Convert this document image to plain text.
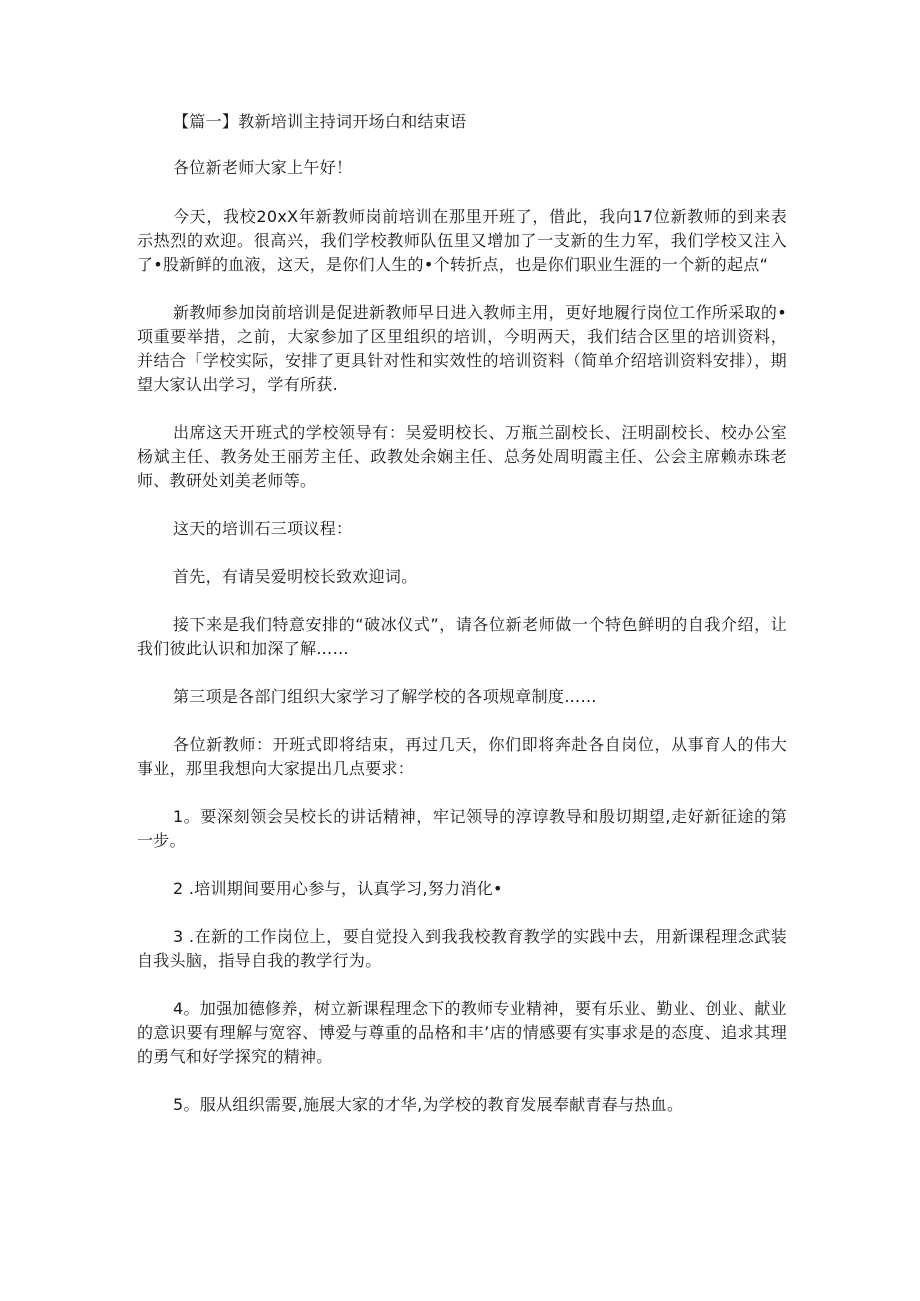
【篇一】教新培训主持词开场白和结束语

各位新老师大家上午好！

今天，我校20xX年新教师岗前培训在那里开班了，借此，我向17位新教师的到来表示热烈的欢迎。很高兴，我们学校教师队伍里又增加了一支新的生力军，我们学校又注入了•股新鲜的血液，这天，是你们人生的•个转折点，也是你们职业生涯的一个新的起点“

新教师参加岗前培训是促进新教师早日进入教师主用，更好地履行岗位工作所采取的•项重要举措，之前，大家参加了区里组织的培训，今明两天，我们结合区里的培训资料，并结合「学校实际，安排了更具针对性和实效性的培训资料（简单介绍培训资料安排），期望大家认出学习，学有所获.

出席这天开班式的学校领导有：吴爱明校长、万瓶兰副校长、汪明副校长、校办公室杨斌主任、教务处王丽芳主任、政教处余娴主任、总务处周明霞主任、公会主席赖赤珠老师、教研处刘美老师等。

这天的培训石三项议程：

首先，有请吴爱明校长致欢迎词。

接下来是我们特意安排的“破冰仪式”，请各位新老师做一个特色鲜明的自我介绍，让我们彼此认识和加深了解……

第三项是各部门组织大家学习了解学校的各项规章制度……

各位新教师：开班式即将结束，再过几天，你们即将奔赴各自岗位，从事育人的伟大事业，那里我想向大家提出几点要求：

1。要深刻领会吴校长的讲话精神，牢记领导的淳谆教导和殷切期望,走好新征途的第一步。

2 .培训期间要用心参与，认真学习,努力消化•

3 .在新的工作岗位上，要自觉投入到我我校教育教学的实践中去，用新课程理念武装自我头脑，指导自我的教学行为。

4。加强加德修养，树立新课程理念下的教师专业精神，要有乐业、勤业、创业、献业的意识要有理解与宽容、博爱与尊重的品格和丰’店的情感要有实事求是的态度、追求其理的勇气和好学探究的精神。

5。服从组织需要,施展大家的才华,为学校的教育发展奉献青春与热血。
